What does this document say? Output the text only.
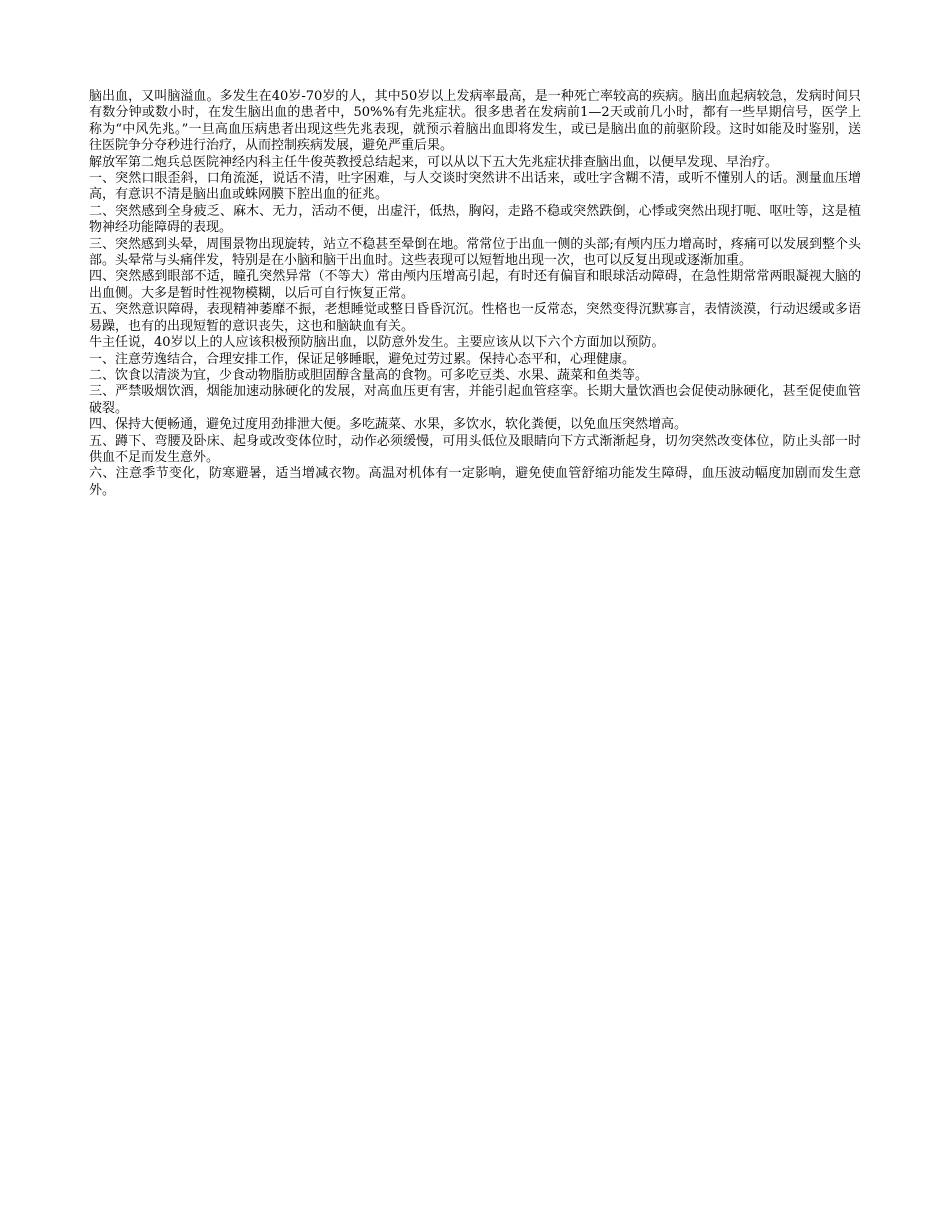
脑出血，又叫脑溢血。多发生在40岁-70岁的人，其中50岁以上发病率最高，是一种死亡率较高的疾病。脑出血起病较急，发病时间只有数分钟或数小时，在发生脑出血的患者中，50%%有先兆症状。很多患者在发病前1—2天或前几小时，都有一些早期信号，医学上称为“中风先兆。”一旦高血压病患者出现这些先兆表现，就预示着脑出血即将发生，或已是脑出血的前驱阶段。这时如能及时鉴别，送往医院争分夺秒进行治疗，从而控制疾病发展，避免严重后果。

解放军第二炮兵总医院神经内科主任牛俊英教授总结起来，可以从以下五大先兆症状排查脑出血，以便早发现、早治疗。

一、突然口眼歪斜，口角流涎，说话不清，吐字困难，与人交谈时突然讲不出话来，或吐字含糊不清，或听不懂别人的话。测量血压增高，有意识不清是脑出血或蛛网膜下腔出血的征兆。

二、突然感到全身疲乏、麻木、无力，活动不便，出虚汗，低热，胸闷，走路不稳或突然跌倒，心悸或突然出现打呃、呕吐等，这是植物神经功能障碍的表现。

三、突然感到头晕，周围景物出现旋转，站立不稳甚至晕倒在地。常常位于出血一侧的头部;有颅内压力增高时，疼痛可以发展到整个头部。头晕常与头痛伴发，特别是在小脑和脑干出血时。这些表现可以短暂地出现一次，也可以反复出现或逐渐加重。

四、突然感到眼部不适，瞳孔突然异常（不等大）常由颅内压增高引起，有时还有偏盲和眼球活动障碍，在急性期常常两眼凝视大脑的出血侧。大多是暂时性视物模糊，以后可自行恢复正常。

五、突然意识障碍，表现精神萎靡不振，老想睡觉或整日昏昏沉沉。性格也一反常态，突然变得沉默寡言，表情淡漠，行动迟缓或多语易躁，也有的出现短暂的意识丧失，这也和脑缺血有关。

牛主任说，40岁以上的人应该积极预防脑出血，以防意外发生。主要应该从以下六个方面加以预防。

一、注意劳逸结合，合理安排工作，保证足够睡眠，避免过劳过累。保持心态平和，心理健康。

二、饮食以清淡为宜，少食动物脂肪或胆固醇含量高的食物。可多吃豆类、水果、蔬菜和鱼类等。

三、严禁吸烟饮酒，烟能加速动脉硬化的发展，对高血压更有害，并能引起血管痉挛。长期大量饮酒也会促使动脉硬化，甚至促使血管破裂。

四、保持大便畅通，避免过度用劲排泄大便。多吃蔬菜、水果，多饮水，软化粪便，以免血压突然增高。

五、蹲下、弯腰及卧床、起身或改变体位时，动作必须缓慢，可用头低位及眼睛向下方式渐渐起身，切勿突然改变体位，防止头部一时供血不足而发生意外。

六、注意季节变化，防寒避暑，适当增减衣物。高温对机体有一定影响，避免使血管舒缩功能发生障碍，血压波动幅度加剧而发生意外。
